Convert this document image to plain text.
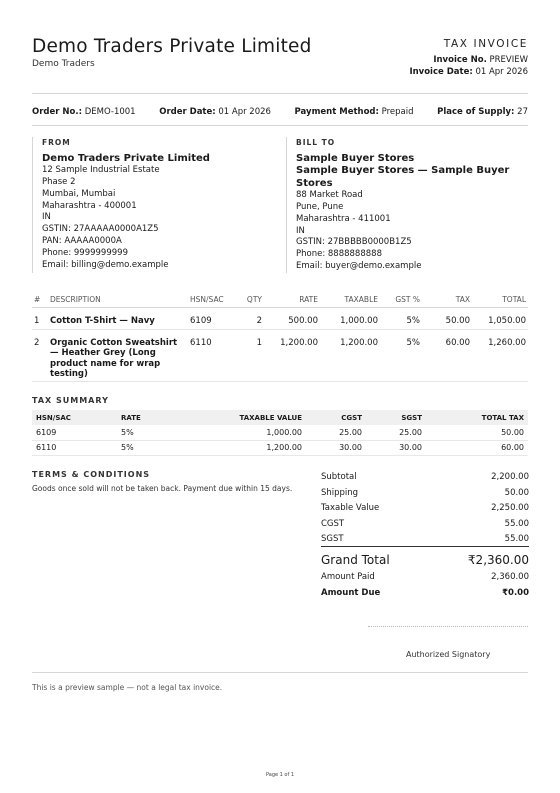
Demo Traders Private Limited
Demo Traders
TAX INVOICE
Invoice No. PREVIEW
Invoice Date: 01 Apr 2026
Order No.: DEMO-1001	Order Date: 01 Apr 2026	Payment Method: Prepaid	Place of Supply: 27
FROM
Demo Traders Private Limited
12 Sample Industrial Estate
Phase 2
Mumbai, Mumbai
Maharashtra - 400001
IN
GSTIN: 27AAAAA0000A1Z5
PAN: AAAAA0000A
Phone: 9999999999
Email: billing@demo.example
BILL TO
Sample Buyer Stores
Sample Buyer Stores — Sample Buyer Stores
88 Market Road
Pune, Pune
Maharashtra - 411001
IN
GSTIN: 27BBBBB0000B1Z5
Phone: 8888888888
Email: buyer@demo.example
#	DESCRIPTION	HSN/SAC	QTY	RATE	TAXABLE	GST %	TAX	TOTAL
1	Cotton T-Shirt — Navy	6109	2	500.00	1,000.00	5%	50.00	1,050.00
2	Organic Cotton Sweatshirt — Heather Grey (Long product name for wrap testing)	6110	1	1,200.00	1,200.00	5%	60.00	1,260.00
TAX SUMMARY
HSN/SAC	RATE	TAXABLE VALUE	CGST	SGST	TOTAL TAX
6109	5%	1,000.00	25.00	25.00	50.00
6110	5%	1,200.00	30.00	30.00	60.00
TERMS & CONDITIONS
Goods once sold will not be taken back. Payment due within 15 days.
Subtotal	2,200.00
Shipping	50.00
Taxable Value	2,250.00
CGST	55.00
SGST	55.00
Grand Total	₹2,360.00
Amount Paid	2,360.00
Amount Due	₹0.00
Authorized Signatory
This is a preview sample — not a legal tax invoice.
Page 1 of 1
